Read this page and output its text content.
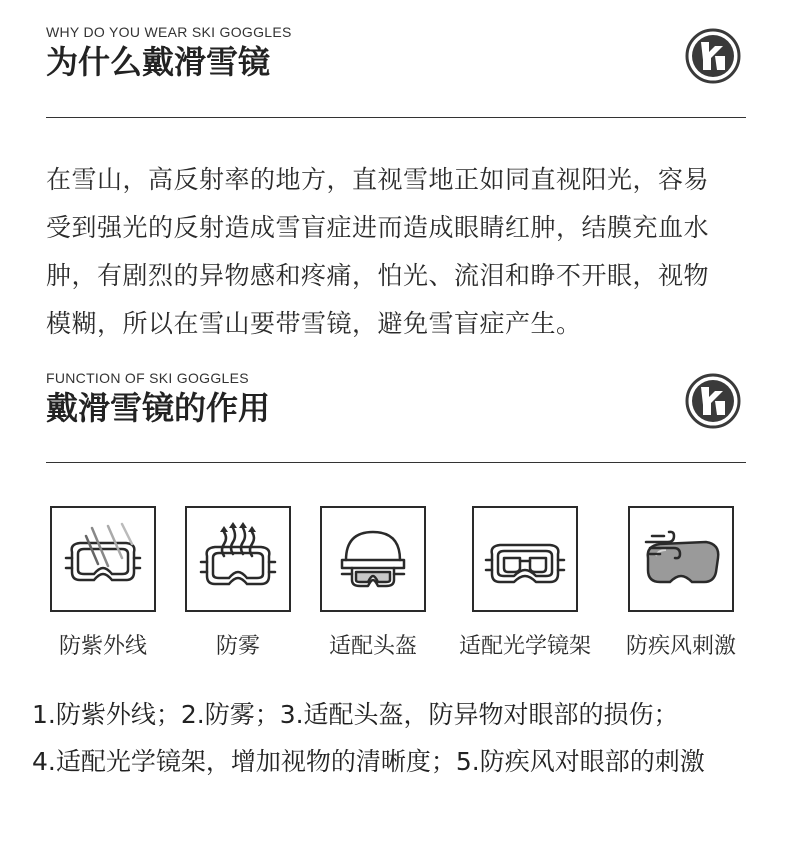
WHY DO YOU WEAR SKI GOGGLES
为什么戴滑雪镜
在雪山，高反射率的地方，直视雪地正如同直视阳光，容易
受到强光的反射造成雪盲症进而造成眼睛红肿，结膜充血水
肿，有剧烈的异物感和疼痛，怕光、流泪和睁不开眼，视物
模糊，所以在雪山要带雪镜，避免雪盲症产生。
FUNCTION OF SKI GOGGLES
戴滑雪镜的作用
防紫外线	防雾	适配头盔	适配光学镜架	防疾风刺激
1.防紫外线；2.防雾；3.适配头盔，防异物对眼部的损伤；
4.适配光学镜架，增加视物的清晰度；5.防疾风对眼部的刺激
